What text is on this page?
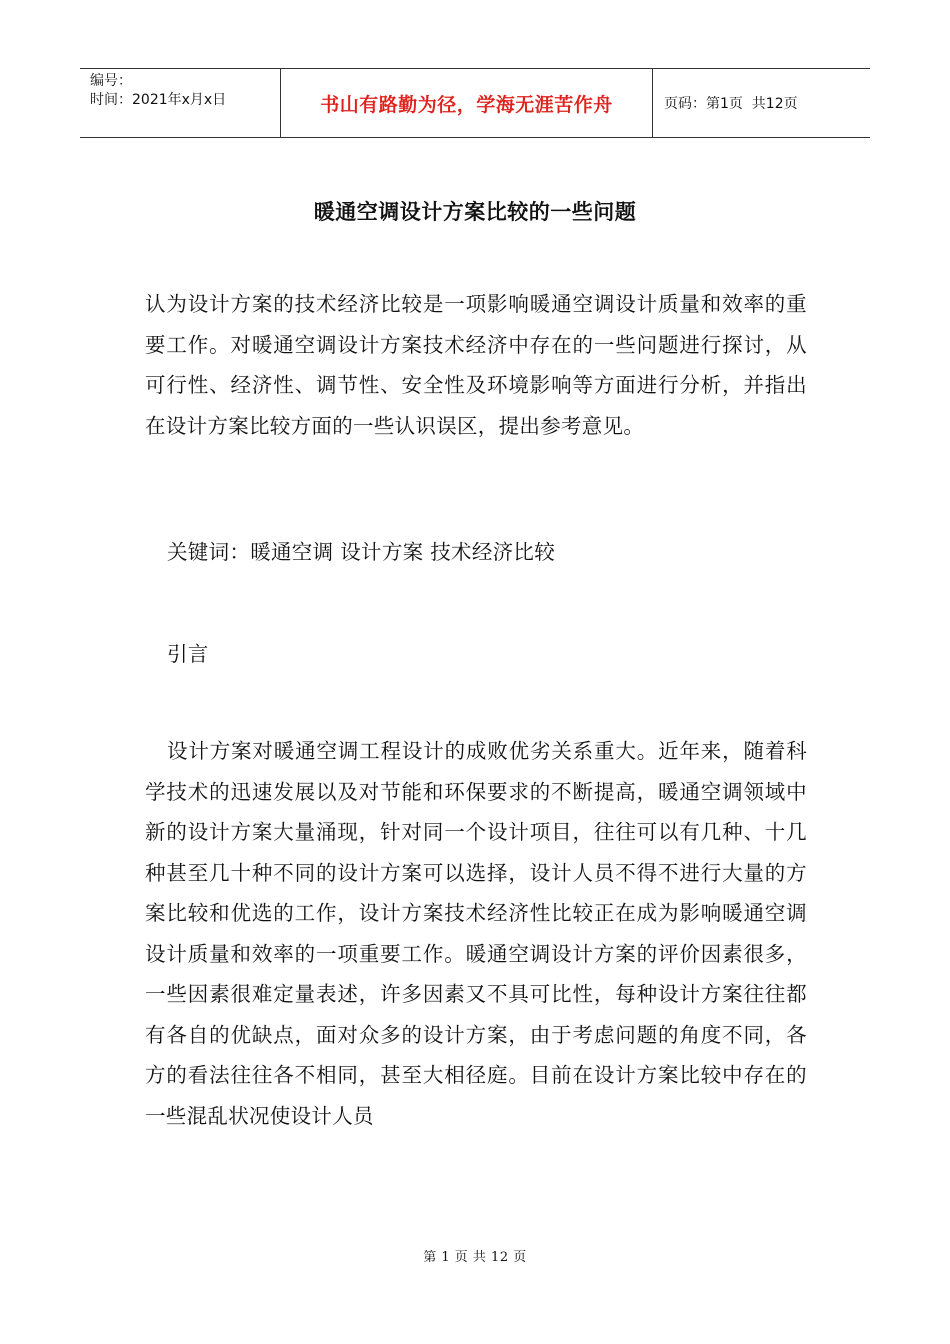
编号：
时间：2021年x月x日	书山有路勤为径，学海无涯苦作舟	页码：第1页  共12页
暖通空调设计方案比较的一些问题
认为设计方案的技术经济比较是一项影响暖通空调设计质量和效率的重要工作。对暖通空调设计方案技术经济中存在的一些问题进行探讨，从可行性、经济性、调节性、安全性及环境影响等方面进行分析，并指出在设计方案比较方面的一些认识误区，提出参考意见。
关键词：暖通空调 设计方案 技术经济比较
引言
设计方案对暖通空调工程设计的成败优劣关系重大。近年来，随着科学技术的迅速发展以及对节能和环保要求的不断提高，暖通空调领域中新的设计方案大量涌现，针对同一个设计项目，往往可以有几种、十几种甚至几十种不同的设计方案可以选择，设计人员不得不进行大量的方案比较和优选的工作，设计方案技术经济性比较正在成为影响暖通空调设计质量和效率的一项重要工作。暖通空调设计方案的评价因素很多，一些因素很难定量表述，许多因素又不具可比性，每种设计方案往往都有各自的优缺点，面对众多的设计方案，由于考虑问题的角度不同，各方的看法往往各不相同，甚至大相径庭。目前在设计方案比较中存在的一些混乱状况使设计人员
第 1 页 共 12 页
